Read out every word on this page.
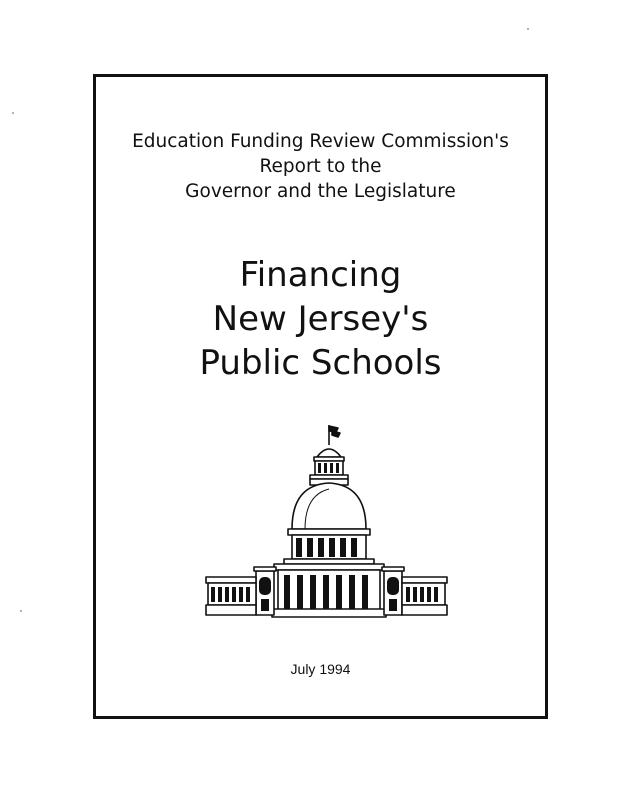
Education Funding Review Commission's
Report to the
Governor and the Legislature
Financing
New Jersey's
Public Schools
July 1994
